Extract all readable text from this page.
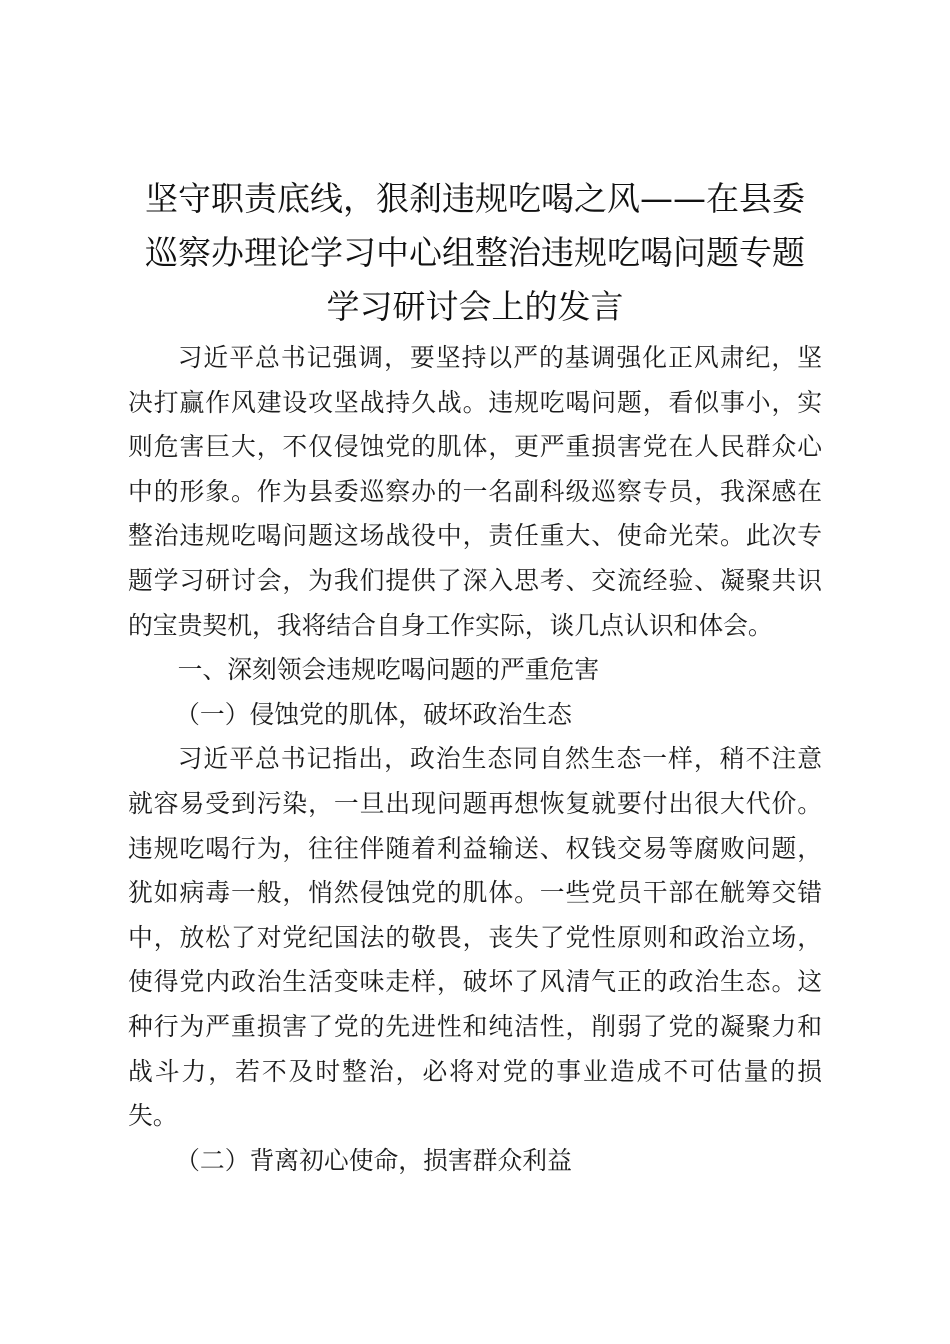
坚守职责底线，狠刹违规吃喝之风——在县委
巡察办理论学习中心组整治违规吃喝问题专题
学习研讨会上的发言

习近平总书记强调，要坚持以严的基调强化正风肃纪，坚决打赢作风建设攻坚战持久战。违规吃喝问题，看似事小，实则危害巨大，不仅侵蚀党的肌体，更严重损害党在人民群众心中的形象。作为县委巡察办的一名副科级巡察专员，我深感在整治违规吃喝问题这场战役中，责任重大、使命光荣。此次专题学习研讨会，为我们提供了深入思考、交流经验、凝聚共识的宝贵契机，我将结合自身工作实际，谈几点认识和体会。

一、深刻领会违规吃喝问题的严重危害

（一）侵蚀党的肌体，破坏政治生态

习近平总书记指出，政治生态同自然生态一样，稍不注意就容易受到污染，一旦出现问题再想恢复就要付出很大代价。违规吃喝行为，往往伴随着利益输送、权钱交易等腐败问题，犹如病毒一般，悄然侵蚀党的肌体。一些党员干部在觥筹交错中，放松了对党纪国法的敬畏，丧失了党性原则和政治立场，使得党内政治生活变味走样，破坏了风清气正的政治生态。这种行为严重损害了党的先进性和纯洁性，削弱了党的凝聚力和战斗力，若不及时整治，必将对党的事业造成不可估量的损失。

（二）背离初心使命，损害群众利益
